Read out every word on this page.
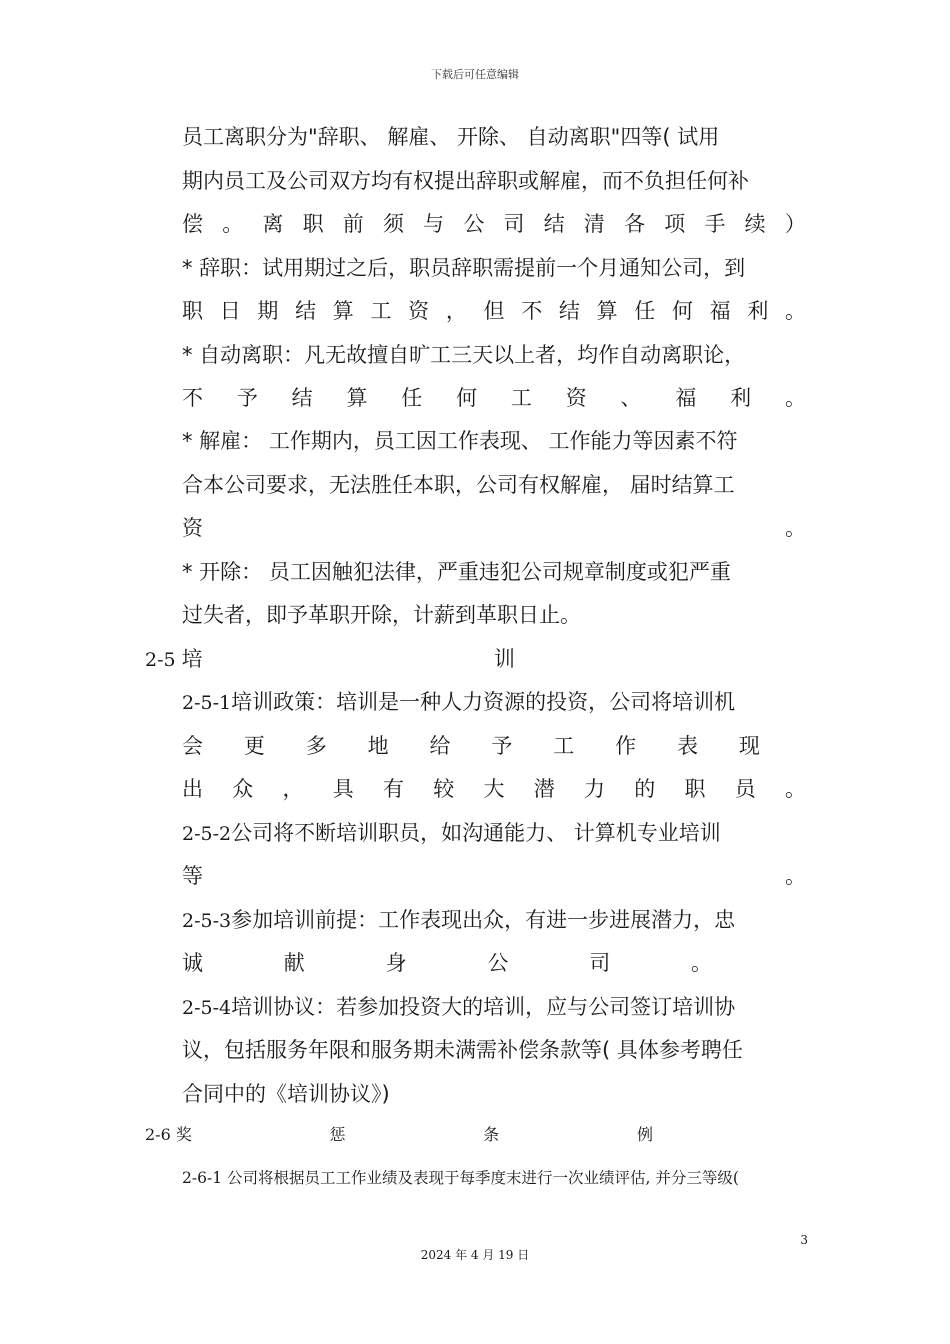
下载后可任意编辑
员工离职分为"辞职、 解雇、 开除、 自动离职"四等( 试用
期内员工及公司双方均有权提出辞职或解雇，而不负担任何补
偿 。 离 职 前 须 与 公 司 结 清 各 项 手 续 ）
* 辞职：试用期过之后，职员辞职需提前一个月通知公司，到
职 日 期 结 算 工 资 ， 但 不 结 算 任 何 福 利 。
* 自动离职：凡无故擅自旷工三天以上者，均作自动离职论，
不 予 结 算 任 何 工 资 、 福 利 。
* 解雇： 工作期内，员工因工作表现、 工作能力等因素不符
合本公司要求，无法胜任本职，公司有权解雇， 届时结算工
资	。
* 开除： 员工因触犯法律，严重违犯公司规章制度或犯严重
过失者，即予革职开除，计薪到革职日止。
2-5 培	训
2-5-1培训政策：培训是一种人力资源的投资，公司将培训机
会 更 多 地 给 予 工 作 表 现
出 众 ， 具 有 较 大 潜 力 的 职 员 。
2-5-2公司将不断培训职员，如沟通能力、 计算机专业培训
等	。
2-5-3参加培训前提：工作表现出众，有进一步进展潜力，忠
诚	献	身	公	司	。
2-5-4培训协议：若参加投资大的培训，应与公司签订培训协
议，包括服务年限和服务期未满需补偿条款等( 具体参考聘任
合同中的《培训协议》)
2-6 奖	惩	条	例
2-6-1 公司将根据员工工作业绩及表现于每季度末进行一次业绩评估, 并分三等级(
3
2024 年 4 月 19 日
